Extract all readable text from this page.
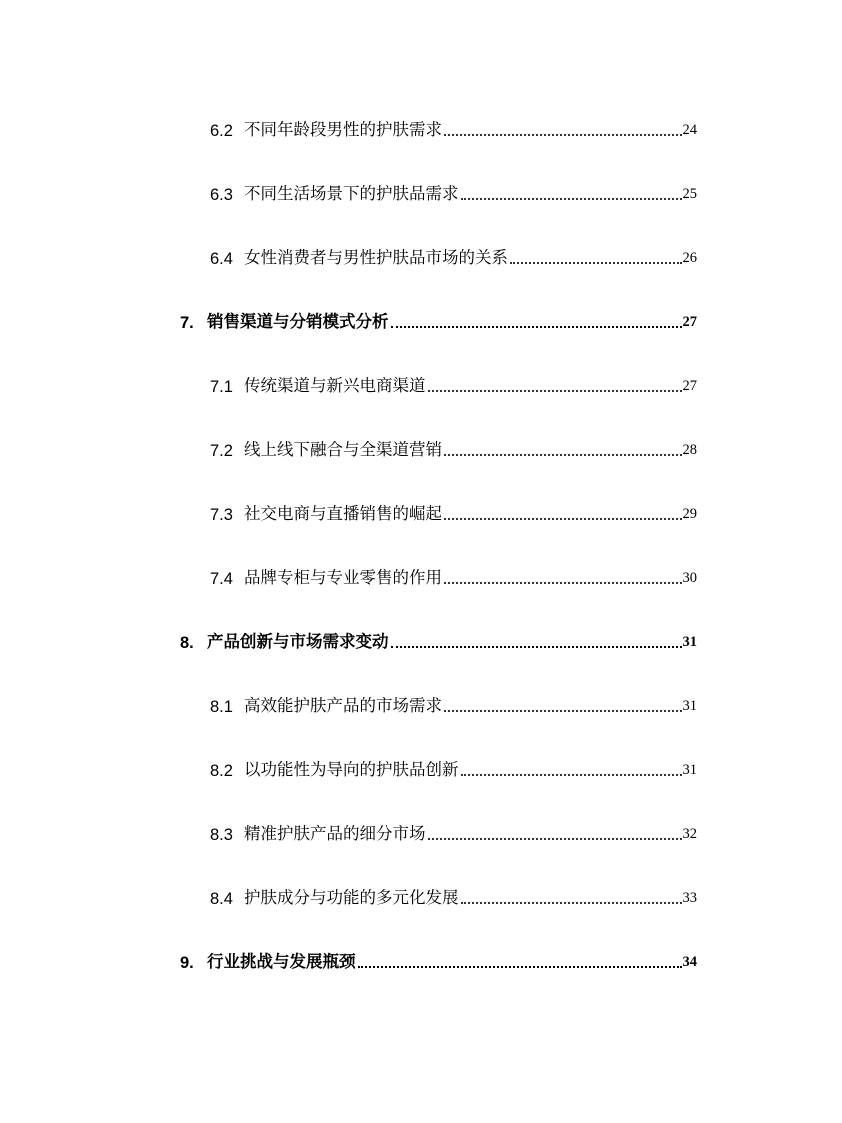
6.2 不同年龄段男性的护肤需求	24
6.3 不同生活场景下的护肤品需求	25
6.4 女性消费者与男性护肤品市场的关系	26
7. 销售渠道与分销模式分析	27
7.1 传统渠道与新兴电商渠道	27
7.2 线上线下融合与全渠道营销	28
7.3 社交电商与直播销售的崛起	29
7.4 品牌专柜与专业零售的作用	30
8. 产品创新与市场需求变动	31
8.1 高效能护肤产品的市场需求	31
8.2 以功能性为导向的护肤品创新	31
8.3 精准护肤产品的细分市场	32
8.4 护肤成分与功能的多元化发展	33
9. 行业挑战与发展瓶颈	34
